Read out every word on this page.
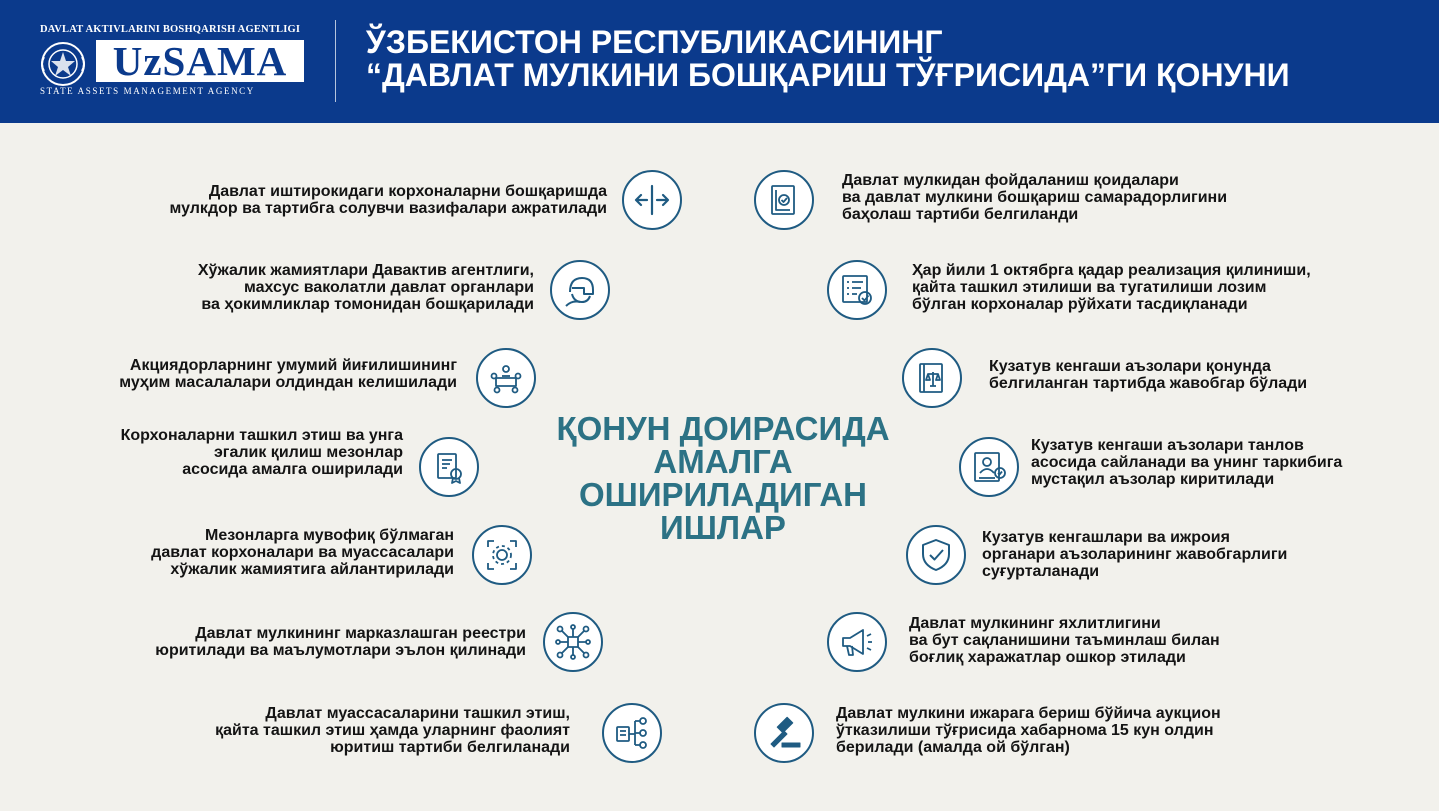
DAVLAT AKTIVLARINI BOSHQARISH AGENTLIGI
UzSAMA
STATE ASSETS MANAGEMENT AGENCY
ЎЗБЕКИСТОН РЕСПУБЛИКАСИНИНГ
“ДАВЛАТ МУЛКИНИ БОШҚАРИШ ТЎҒРИСИДА”ГИ ҚОНУНИ
ҚОНУН ДОИРАСИДА
АМАЛГА
ОШИРИЛАДИГАН
ИШЛАР
Давлат иштирокидаги корхоналарни бошқаришда
мулкдор ва тартибга солувчи вазифалари ажратилади
Хўжалик жамиятлари Давактив агентлиги,
махсус ваколатли давлат органлари
ва ҳокимликлар томонидан бошқарилади
Акциядорларнинг умумий йиғилишининг
муҳим масалалари олдиндан келишилади
Корхоналарни ташкил этиш ва унга
эгалик қилиш мезонлар
асосида амалга оширилади
Мезонларга мувофиқ бўлмаган
давлат корхоналари ва муассасалари
хўжалик жамиятига айлантирилади
Давлат мулкининг марказлашган реестри
юритилади ва маълумотлари эълон қилинади
Давлат муассасаларини ташкил этиш,
қайта ташкил этиш ҳамда уларнинг фаолият
юритиш тартиби белгиланади
Давлат мулкидан фойдаланиш қоидалари
ва давлат мулкини бошқариш самарадорлигини
баҳолаш тартиби белгиланди
Ҳар йили 1 октябрга қадар реализация қилиниши,
қайта ташкил этилиши ва тугатилиши лозим
бўлган корхоналар рўйхати тасдиқланади
Кузатув кенгаши аъзолари қонунда
белгиланган тартибда жавобгар бўлади
Кузатув кенгаши аъзолари танлов
асосида сайланади ва унинг таркибига
мустақил аъзолар киритилади
Кузатув кенгашлари ва ижроия
органари аъзоларининг жавобгарлиги
суғурталанади
Давлат мулкининг яхлитлигини
ва бут сақланишини таъминлаш билан
боғлиқ харажатлар ошкор этилади
Давлат мулкини ижарага бериш бўйича аукцион
ўтказилиши тўғрисида хабарнома 15 кун олдин
берилади (амалда ой бўлган)
